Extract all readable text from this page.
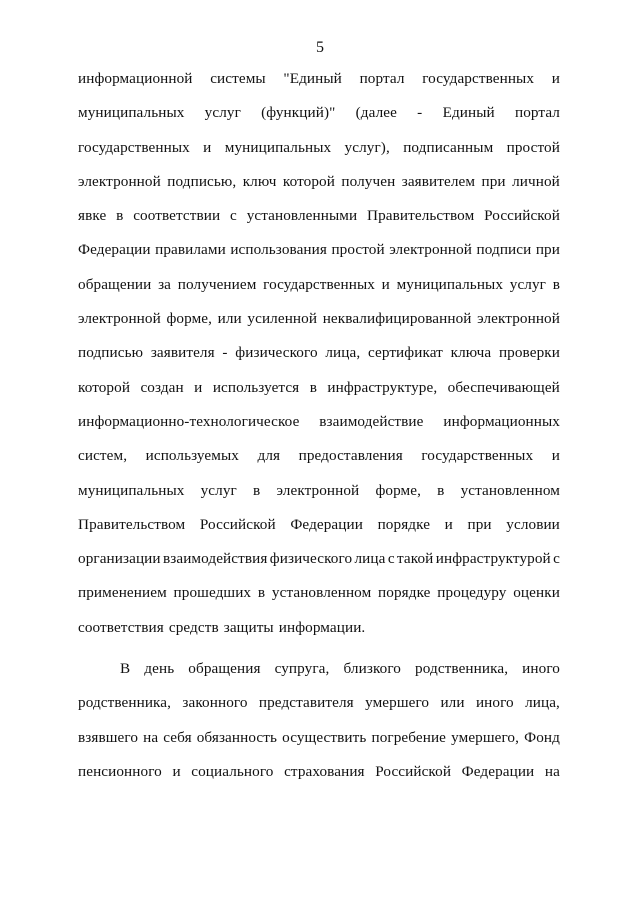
5
информационной системы "Единый портал государственных и
муниципальных услуг (функций)" (далее - Единый портал
государственных и муниципальных услуг), подписанным простой
электронной подписью, ключ которой получен заявителем при личной
явке в соответствии с установленными Правительством Российской
Федерации правилами использования простой электронной подписи при
обращении за получением государственных и муниципальных услуг в
электронной форме, или усиленной неквалифицированной электронной
подписью заявителя - физического лица, сертификат ключа проверки
которой создан и используется в инфраструктуре, обеспечивающей
информационно-технологическое взаимодействие информационных
систем, используемых для предоставления государственных и
муниципальных услуг в электронной форме, в установленном
Правительством Российской Федерации порядке и при условии
организации взаимодействия физического лица с такой инфраструктурой с
применением прошедших в установленном порядке процедуру оценки
соответствия средств защиты информации.
В день обращения супруга, близкого родственника, иного
родственника, законного представителя умершего или иного лица,
взявшего на себя обязанность осуществить погребение умершего, Фонд
пенсионного и социального страхования Российской Федерации на
